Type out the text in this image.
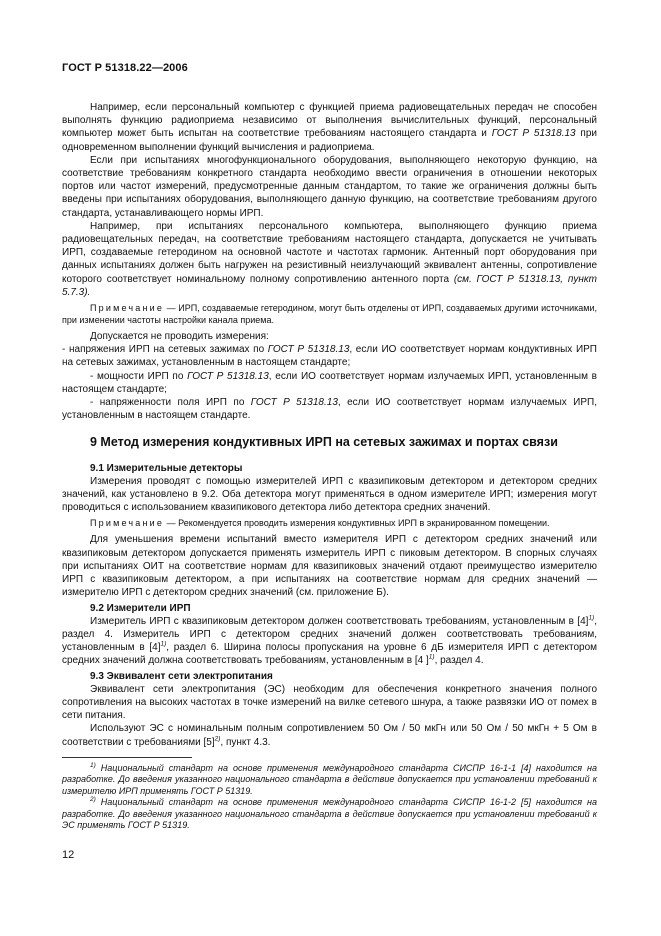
ГОСТ Р 51318.22—2006

Например, если персональный компьютер с функцией приема радиовещательных передач не способен выполнять функцию радиоприема независимо от выполнения вычислительных функций, персональный компьютер может быть испытан на соответствие требованиям настоящего стандарта и ГОСТ Р 51318.13 при одновременном выполнении функций вычисления и радиоприема.

Если при испытаниях многофункционального оборудования, выполняющего некоторую функцию, на соответствие требованиям конкретного стандарта необходимо ввести ограничения в отношении некоторых портов или частот измерений, предусмотренные данным стандартом, то такие же ограничения должны быть введены при испытаниях оборудования, выполняющего данную функцию, на соответствие требованиям другого стандарта, устанавливающего нормы ИРП.

Например, при испытаниях персонального компьютера, выполняющего функцию приема радиовещательных передач, на соответствие требованиям настоящего стандарта, допускается не учитывать ИРП, создаваемые гетеродином на основной частоте и частотах гармоник. Антенный порт оборудования при данных испытаниях должен быть нагружен на резистивный неизлучающий эквивалент антенны, сопротивление которого соответствует номинальному полному сопротивлению антенного порта (см. ГОСТ Р 51318.13, пункт 5.7.3).

Примечание — ИРП, создаваемые гетеродином, могут быть отделены от ИРП, создаваемых другими источниками, при изменении частоты настройки канала приема.

Допускается не проводить измерения:

- напряжения ИРП на сетевых зажимах по ГОСТ Р 51318.13, если ИО соответствует нормам кондуктивных ИРП на сетевых зажимах, установленным в настоящем стандарте;

- мощности ИРП по ГОСТ Р 51318.13, если ИО соответствует нормам излучаемых ИРП, установленным в настоящем стандарте;

- напряженности поля ИРП по ГОСТ Р 51318.13, если ИО соответствует нормам излучаемых ИРП, установленным в настоящем стандарте.

9 Метод измерения кондуктивных ИРП на сетевых зажимах и портах связи
9.1 Измерительные детекторы

Измерения проводят с помощью измерителей ИРП с квазипиковым детектором и детектором средних значений, как установлено в 9.2. Оба детектора могут применяться в одном измерителе ИРП; измерения могут проводиться с использованием квазипикового детектора либо детектора средних значений.

Примечание — Рекомендуется проводить измерения кондуктивных ИРП в экранированном помещении.

Для уменьшения времени испытаний вместо измерителя ИРП с детектором средних значений или квазипиковым детектором допускается применять измеритель ИРП с пиковым детектором. В спорных случаях при испытаниях ОИТ на соответствие нормам для квазипиковых значений отдают преимущество измерителю ИРП с квазипиковым детектором, а при испытаниях на соответствие нормам для средних значений — измерителю ИРП с детектором средних значений (см. приложение Б).

9.2 Измерители ИРП

Измеритель ИРП с квазипиковым детектором должен соответствовать требованиям, установленным в $[4]^{1)}$, раздел 4. Измеритель ИРП с детектором средних значений должен соответствовать требованиям, установленным в $[4]^{1)}$, раздел 6. Ширина полосы пропускания на уровне 6 дБ измерителя ИРП с детектором средних значений должна соответствовать требованиям, установленным в [4 ]$^{1)}$, раздел 4.

9.3 Эквивалент сети электропитания

Эквивалент сети электропитания (ЭС) необходим для обеспечения конкретного значения полного сопротивления на высоких частотах в точке измерений на вилке сетевого шнура, а также развязки ИО от помех в сети питания.

Используют ЭС с номинальным полным сопротивлением 50 Ом / 50 мкГн или 50 Ом / 50 мкГн + 5 Ом в соответствии с требованиями $[5]^{2)}$, пункт 4.3.

$^{1)}$ Национальный стандарт на основе применения международного стандарта СИСПР 16-1-1 [4] находится на разработке. До введения указанного национального стандарта в действие допускается при установлении требований к измерителю ИРП применять ГОСТ Р 51319.

$^{2)}$ Национальный стандарт на основе применения международного стандарта СИСПР 16-1-2 [5] находится на разработке. До введения указанного национального стандарта в действие допускается при установлении требований к ЭС применять ГОСТ Р 51319.

12
